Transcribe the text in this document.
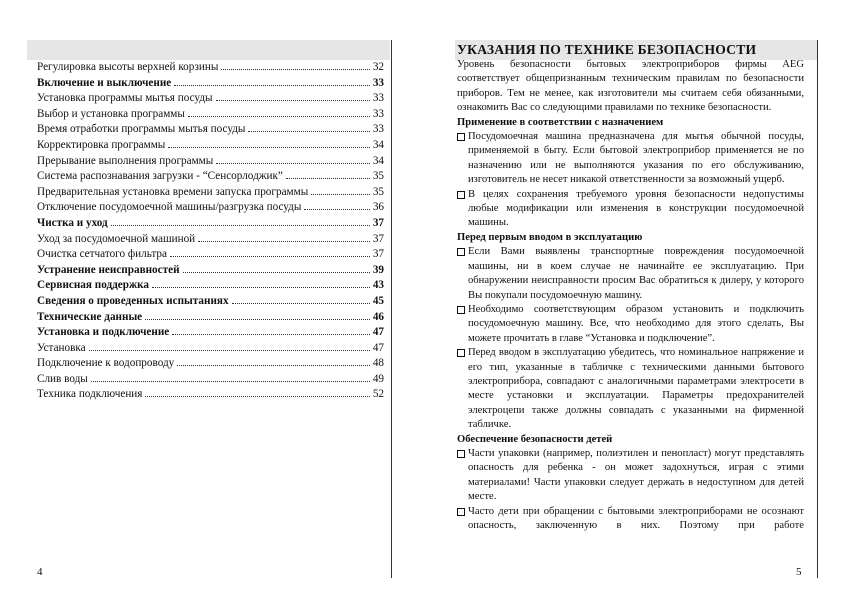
Регулировка высоты верхней корзины	32
Включение и выключение	33
Установка программы мытья посуды	33
Выбор и установка программы	33
Время отработки программы мытья посуды	33
Корректировка программы	34
Прерывание выполнения программы	34
Система распознавания загрузки - “Сенсорлоджик”	35
Предварительная установка времени запуска программы	35
Отключение посудомоечной машины/разгрузка посуды	36
Чистка и уход	37
Уход за посудомоечной машиной	37
Очистка сетчатого фильтра	37
Устранение неисправностей	39
Сервисная поддержка	43
Сведения о проведенных испытаниях	45
Технические данные	46
Установка и подключение	47
Установка	47
Подключение к водопроводу	48
Слив воды	49
Техника подключения	52
4
УКАЗАНИЯ ПО ТЕХНИКЕ БЕЗОПАСНОСТИ

Уровень безопасности бытовых электроприборов фирмы AEG соответствует общепризнанным техническим правилам по безопасности приборов. Тем не менее, как изготовители мы считаем себя обязанными, ознакомить Вас со следующими правилами по технике безопасности.

Применение в соответствии с назначением

Посудомоечная машина предназначена для мытья обычной посуды, применяемой в быту. Если бытовой электроприбор применяется не по назначению или не выполняются указания по его обслуживанию, изготовитель не несет никакой ответственности за возможный ущерб.
В целях сохранения требуемого уровня безопасности недопустимы любые модификации или изменения в конструкции посудомоечной машины.

Перед первым вводом в эксплуатацию

Если Вами выявлены транспортные повреждения посудомоечной машины, ни в коем случае не начинайте ее эксплуатацию. При обнаружении неисправности просим Вас обратиться к дилеру, у которого Вы покупали посудомоечную машину.
Необходимо соответствующим образом установить и подключить посудомоечную машину. Все, что необходимо для этого сделать, Вы можете прочитать в главе “Установка и подключение”.
Перед вводом в эксплуатацию убедитесь, что номинальное напряжение и его тип, указанные в табличке с техническими данными бытового электроприбора, совпадают с аналогичными параметрами электросети в месте установки и эксплуатации. Параметры предохранителей электроцепи также должны совпадать с указанными на фирменной табличке.

Обеспечение безопасности детей

Части упаковки (например, полиэтилен и пенопласт) могут представлять опасность для ребенка - он может задохнуться, играя с этими материалами! Части упаковки следует держать в недоступном для детей месте.
Часто дети при обращении с бытовыми электроприборами не осознают опасность, заключенную в них. Поэтому при работе
5
